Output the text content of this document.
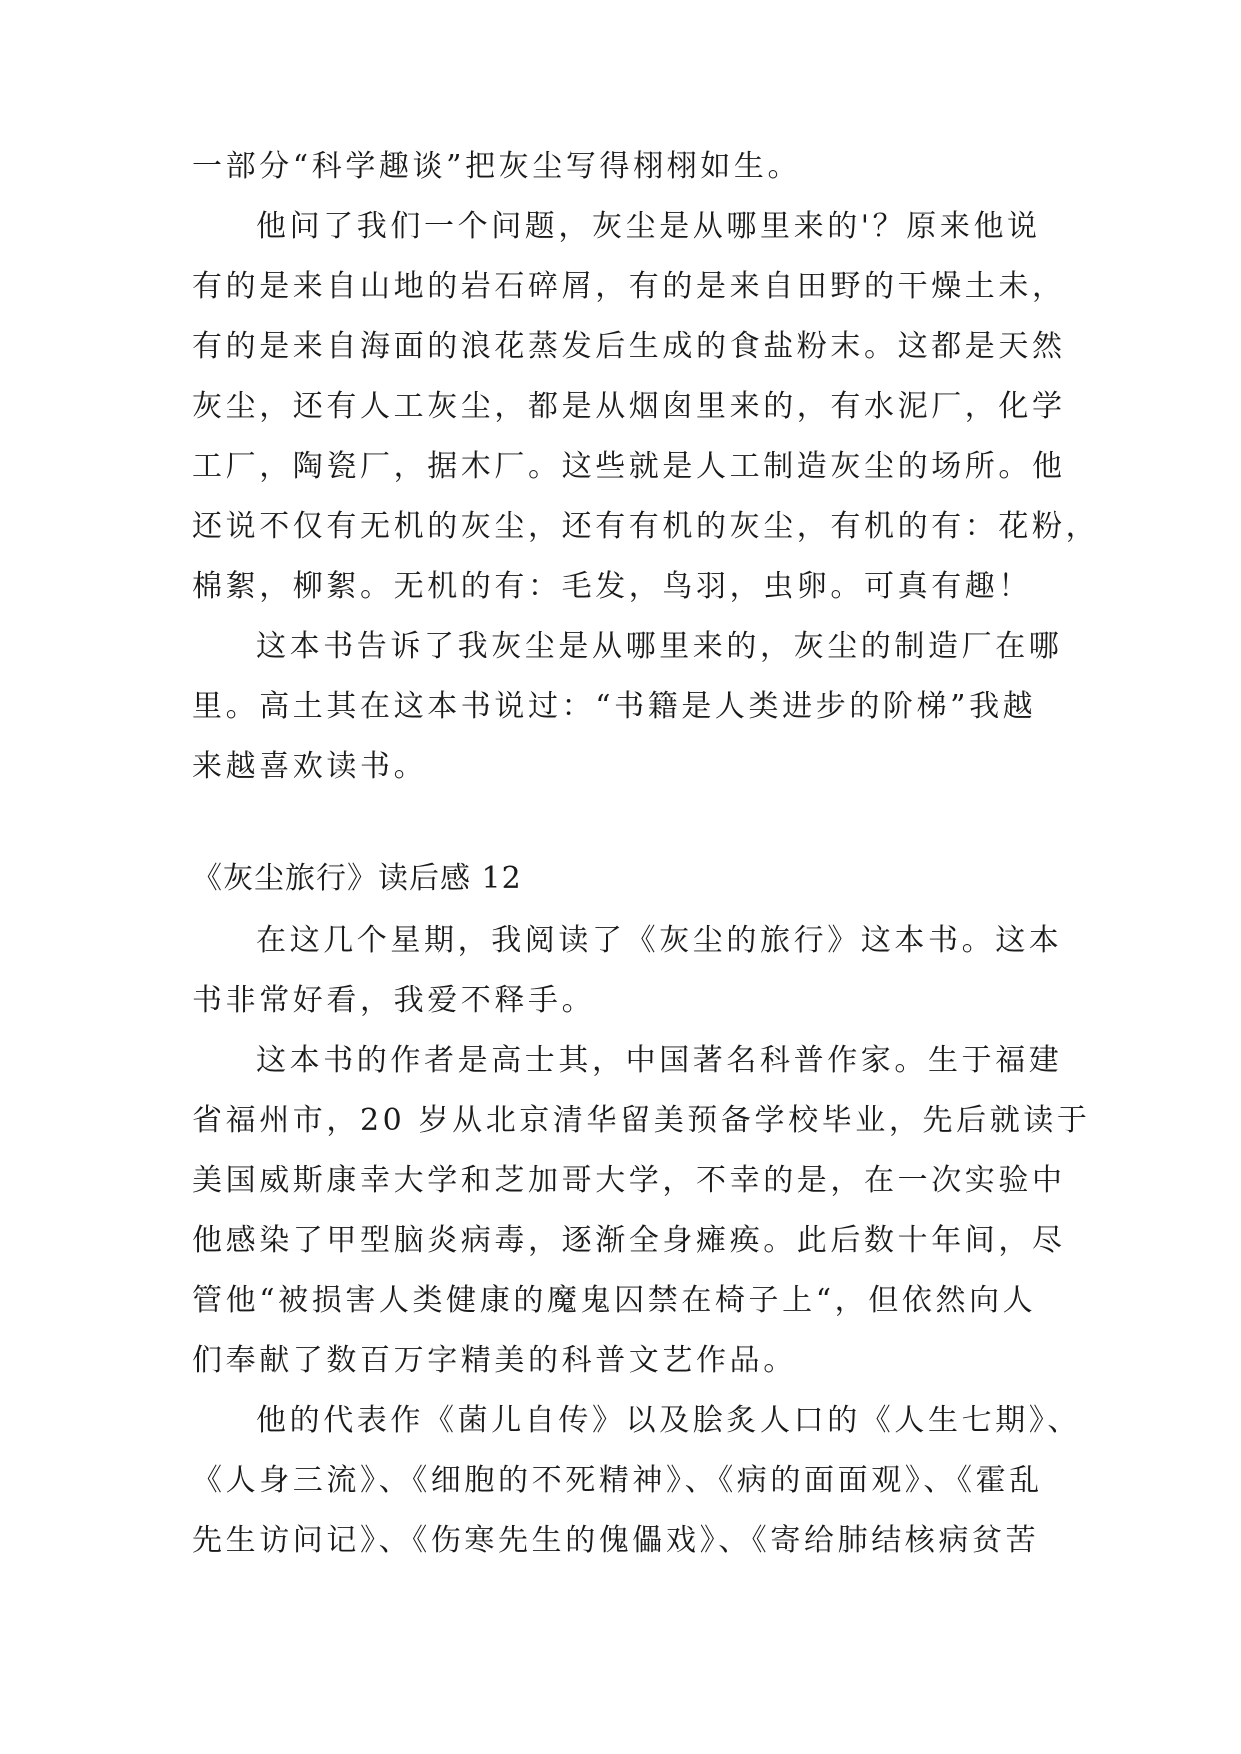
一部分“科学趣谈”把灰尘写得栩栩如生。
他问了我们一个问题，灰尘是从哪里来的'？原来他说
有的是来自山地的岩石碎屑，有的是来自田野的干燥土未，
有的是来自海面的浪花蒸发后生成的食盐粉末。这都是天然
灰尘，还有人工灰尘，都是从烟囱里来的，有水泥厂，化学
工厂，陶瓷厂，据木厂。这些就是人工制造灰尘的场所。他
还说不仅有无机的灰尘，还有有机的灰尘，有机的有：花粉，
棉絮，柳絮。无机的有：毛发，鸟羽，虫卵。可真有趣！
这本书告诉了我灰尘是从哪里来的，灰尘的制造厂在哪
里。高土其在这本书说过：“书籍是人类进步的阶梯”我越
来越喜欢读书。
《灰尘旅行》读后感 12
在这几个星期，我阅读了《灰尘的旅行》这本书。这本
书非常好看，我爱不释手。
这本书的作者是高士其，中国著名科普作家。生于福建
省福州市，20 岁从北京清华留美预备学校毕业，先后就读于
美国威斯康幸大学和芝加哥大学，不幸的是，在一次实验中
他感染了甲型脑炎病毒，逐渐全身瘫痪。此后数十年间，尽
管他“被损害人类健康的魔鬼囚禁在椅子上“，但依然向人
们奉献了数百万字精美的科普文艺作品。
他的代表作《菌儿自传》以及脍炙人口的《人生七期》、
《人身三流》、《细胞的不死精神》、《病的面面观》、《霍乱
先生访问记》、《伤寒先生的傀儡戏》、《寄给肺结核病贫苦
